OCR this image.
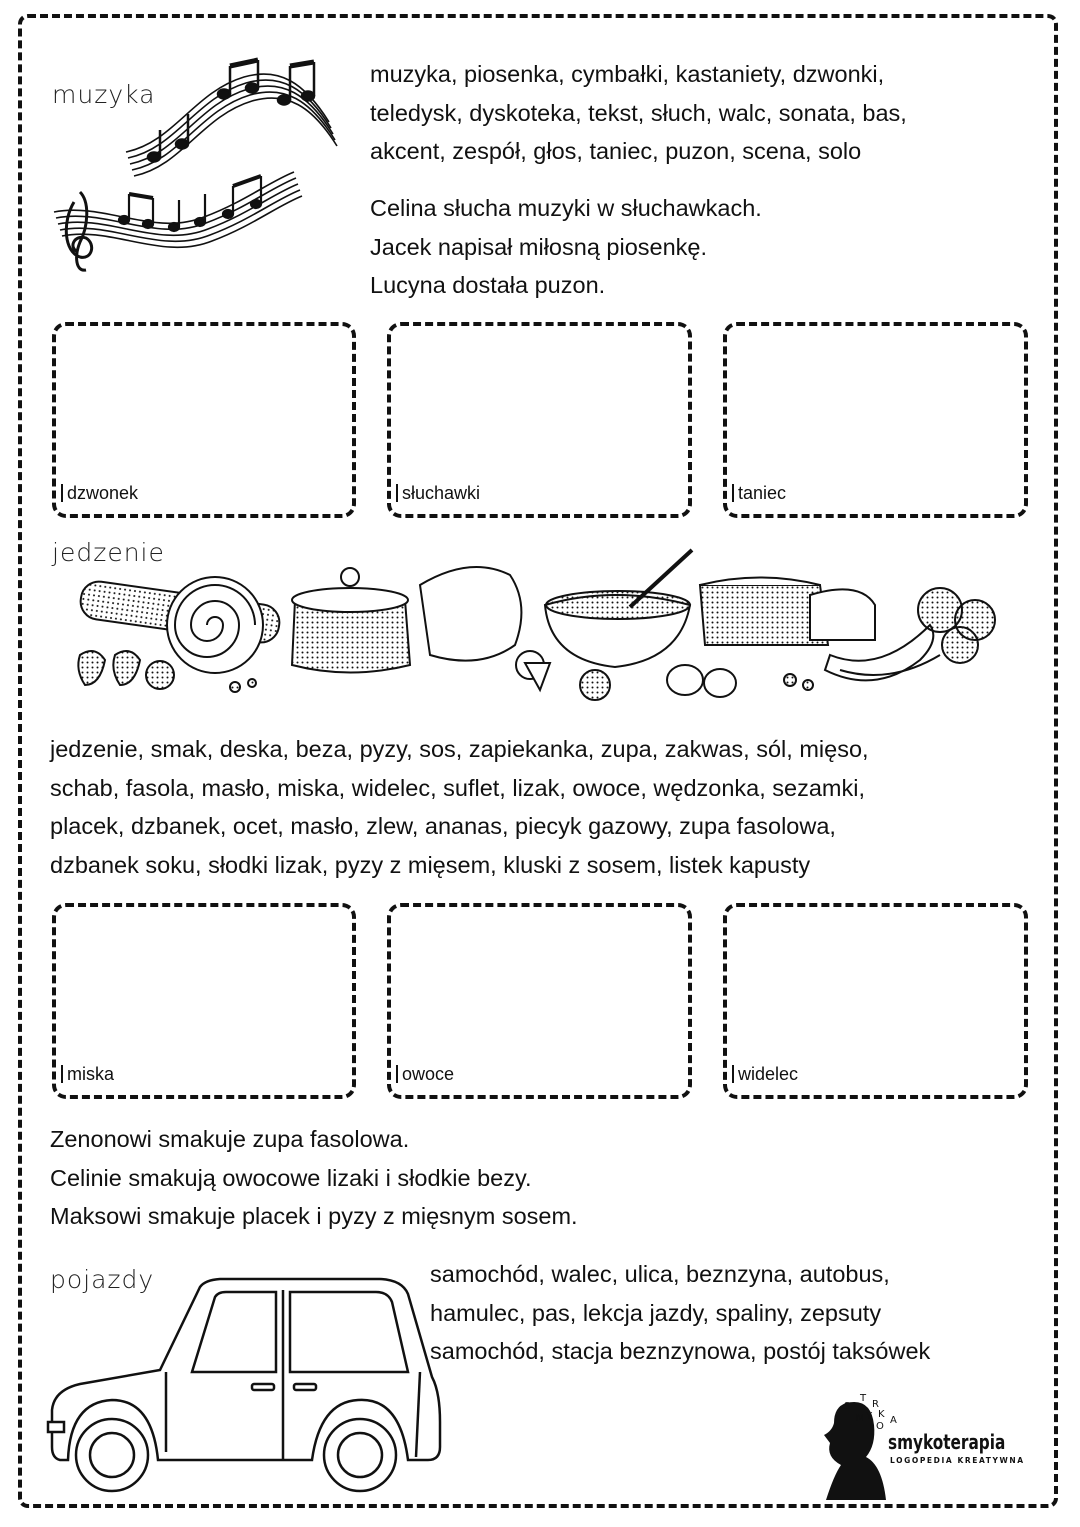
muzyka
muzyka, piosenka, cymbałki, kastaniety, dzwonki,
teledysk, dyskoteka, tekst, słuch, walc, sonata, bas,
akcent, zespół, głos, taniec, puzon, scena, solo
Celina słucha muzyki w słuchawkach.
Jacek napisał miłosną piosenkę.
Lucyna dostała puzon.
dzwonek	słuchawki	taniec
jedzenie
jedzenie, smak, deska, beza, pyzy, sos, zapiekanka, zupa, zakwas, sól, mięso,
schab, fasola, masło, miska, widelec, suflet, lizak, owoce, wędzonka, sezamki,
placek, dzbanek, ocet, masło, zlew, ananas, piecyk gazowy, zupa fasolowa,
dzbanek soku, słodki lizak, pyzy z mięsem, kluski z sosem, listek kapusty
miska	owoce	widelec
Zenonowi smakuje zupa fasolowa.
Celinie smakują owocowe lizaki i słodkie bezy.
Maksowi smakuje placek i pyzy z mięsnym sosem.
pojazdy	samochód, walec, ulica, beznzyna, autobus,
hamulec, pas, lekcja jazdy, spaliny, zepsuty
samochód, stacja beznzynowa, postój taksówek
S
T
R
Y K
A
M
O
smykoterapia
LOGOPEDIA KREATYWNA
